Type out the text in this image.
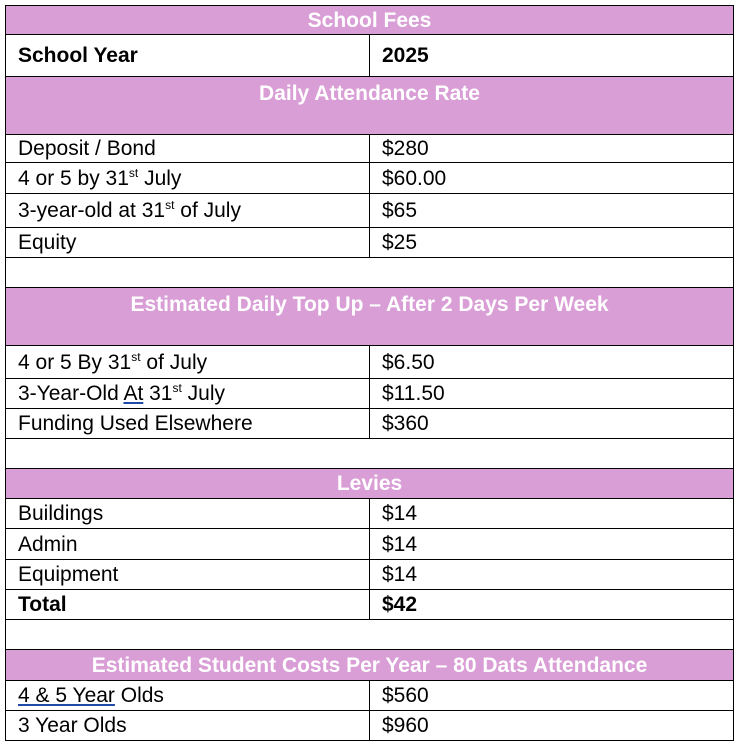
School Fees	
School Year	2025
Daily Attendance Rate	
Deposit / Bond	$280
4 or 5 by 31st July	$60.00
3-year-old at 31st of July	$65
Equity	$25

Estimated Daily Top Up – After 2 Days Per Week	
4 or 5 By 31st of July	$6.50
3-Year-Old At 31st July	$11.50
Funding Used Elsewhere	$360

Levies	
Buildings	$14
Admin	$14
Equipment	$14
Total	$42

Estimated Student Costs Per Year – 80 Dats Attendance	
4 & 5 Year Olds	$560
3 Year Olds	$960
